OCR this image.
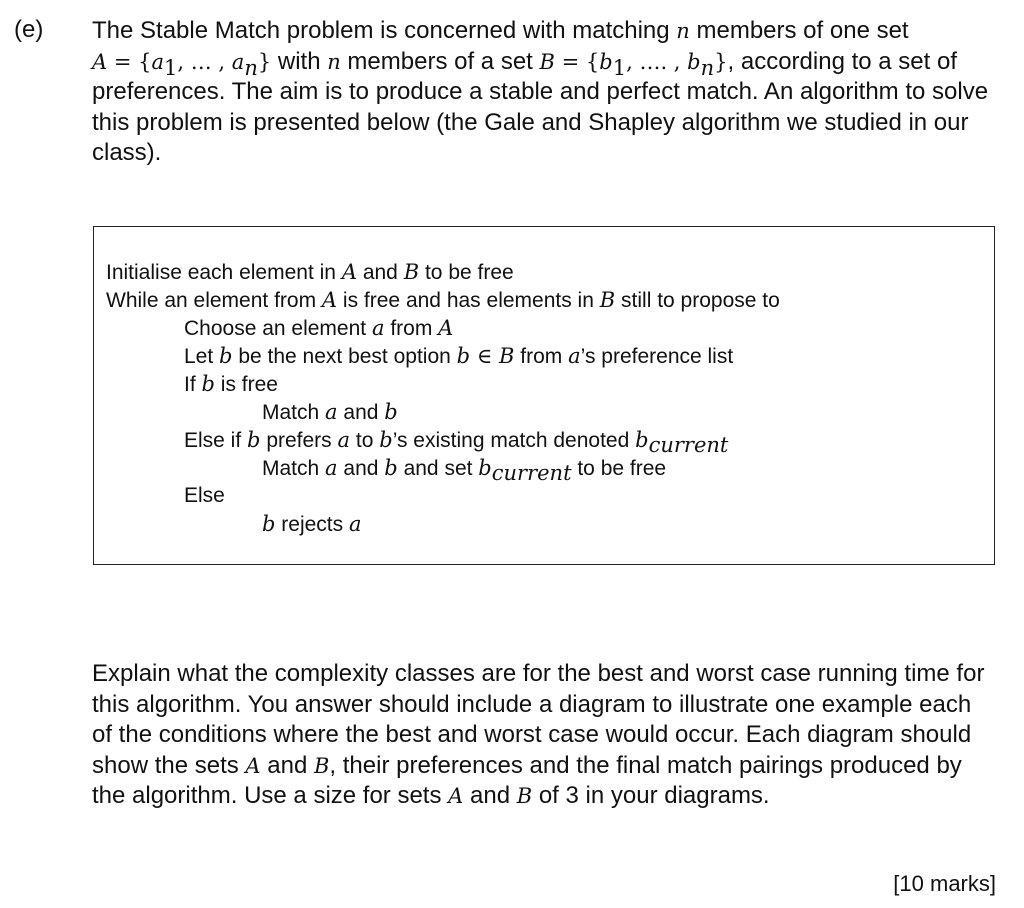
(e) The Stable Match problem is concerned with matching n members of one set
$A = \{a_1$, … , $a_n$} with n members of a set $B = \{b_1$, …. , $b_n$}, according to a set of preferences. The aim is to produce a stable and perfect match. An algorithm to solve this problem is presented below (the Gale and Shapley algorithm we studied in our class).
Initialise each element in A and B to be free
While an element from A is free and has elements in B still to propose to
Choose an element a from A
Let b be the next best option b ∈ B from a’s preference list
If b is free
Match a and b
Else if b prefers a to b’s existing match denoted $b_{current}$
Match a and b and set $b_{current}$ to be free
Else
b rejects a
Explain what the complexity classes are for the best and worst case running time for this algorithm. You answer should include a diagram to illustrate one example each of the conditions where the best and worst case would occur. Each diagram should show the sets A and B, their preferences and the final match pairings produced by the algorithm. Use a size for sets A and B of 3 in your diagrams.
[10 marks]
